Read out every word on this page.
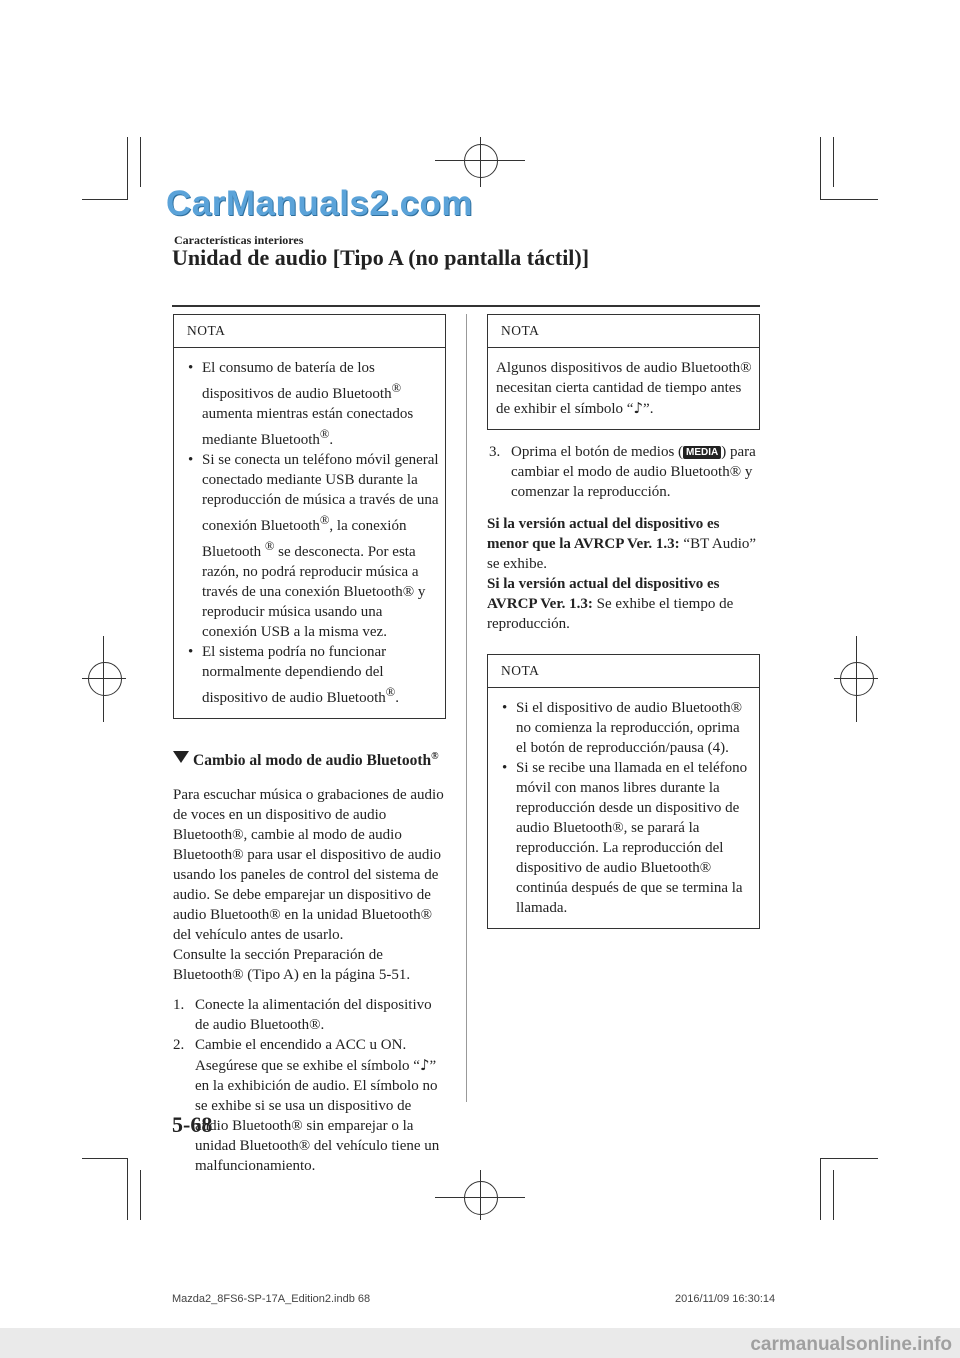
CarManuals2.com
Características interiores
Unidad de audio [Tipo A (no pantalla táctil)]
NOTA
• El consumo de batería de los dispositivos de audio Bluetooth® aumenta mientras están conectados mediante Bluetooth®.
• Si se conecta un teléfono móvil general conectado mediante USB durante la reproducción de música a través de una conexión Bluetooth®, la conexión Bluetooth ® se desconecta. Por esta razón, no podrá reproducir música a través de una conexión Bluetooth® y reproducir música usando una conexión USB a la misma vez.
• El sistema podría no funcionar normalmente dependiendo del dispositivo de audio Bluetooth®.
Cambio al modo de audio Bluetooth®

Para escuchar música o grabaciones de audio de voces en un dispositivo de audio Bluetooth®, cambie al modo de audio Bluetooth® para usar el dispositivo de audio usando los paneles de control del sistema de audio. Se debe emparejar un dispositivo de audio Bluetooth® en la unidad Bluetooth® del vehículo antes de usarlo.

Consulte la sección Preparación de Bluetooth® (Tipo A) en la página 5-51.

1. Conecte la alimentación del dispositivo de audio Bluetooth®.
2. Cambie el encendido a ACC u ON. Asegúrese que se exhibe el símbolo “♪” en la exhibición de audio. El símbolo no se exhibe si se usa un dispositivo de audio Bluetooth® sin emparejar o la unidad Bluetooth® del vehículo tiene un malfuncionamiento.
NOTA

Algunos dispositivos de audio Bluetooth® necesitan cierta cantidad de tiempo antes de exhibir el símbolo “♪”.

3. Oprima el botón de medios ( MEDIA ) para cambiar el modo de audio Bluetooth® y comenzar la reproducción.

Si la versión actual del dispositivo es menor que la AVRCP Ver. 1.3: “BT Audio” se exhibe.

Si la versión actual del dispositivo es AVRCP Ver. 1.3: Se exhibe el tiempo de reproducción.

NOTA
• Si el dispositivo de audio Bluetooth® no comienza la reproducción, oprima el botón de reproducción/pausa (4).
• Si se recibe una llamada en el teléfono móvil con manos libres durante la reproducción desde un dispositivo de audio Bluetooth®, se parará la reproducción. La reproducción del dispositivo de audio Bluetooth® continúa después de que se termina la llamada.
5-68
Mazda2_8FS6-SP-17A_Edition2.indb 68	2016/11/09 16:30:14
carmanualsonline.info
